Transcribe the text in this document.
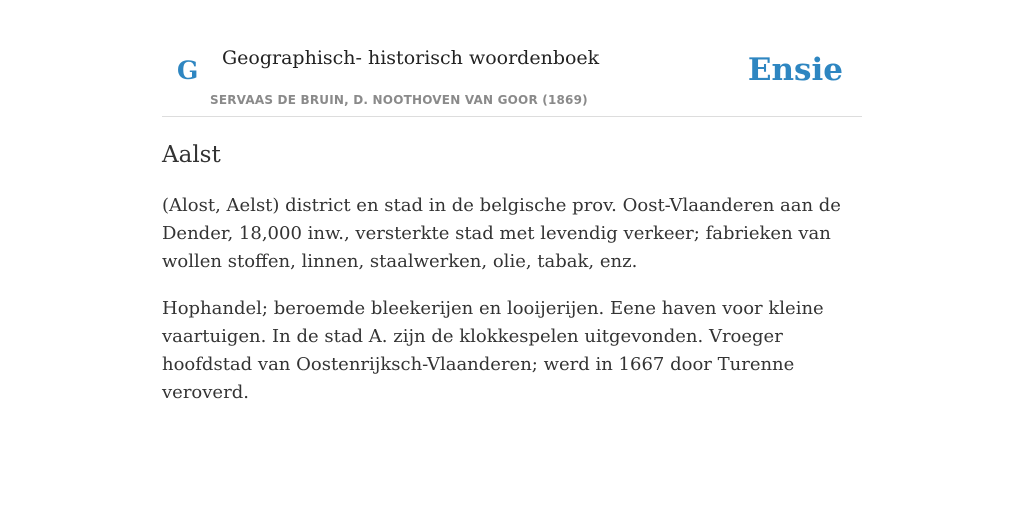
G Geographisch- historisch woordenboek
SERVAAS DE BRUIN, D. NOOTHOVEN VAN GOOR (1869)
Ensie
Aalst

(Alost, Aelst) district en stad in de belgische prov. Oost-Vlaanderen aan de Dender, 18,000 inw., versterkte stad met levendig verkeer; fabrieken van wollen stoffen, linnen, staalwerken, olie, tabak, enz.

Hophandel; beroemde bleekerijen en looijerijen. Eene haven voor kleine vaartuigen. In de stad A. zijn de klokkespelen uitgevonden. Vroeger hoofdstad van Oostenrijksch-Vlaanderen; werd in 1667 door Turenne veroverd.
